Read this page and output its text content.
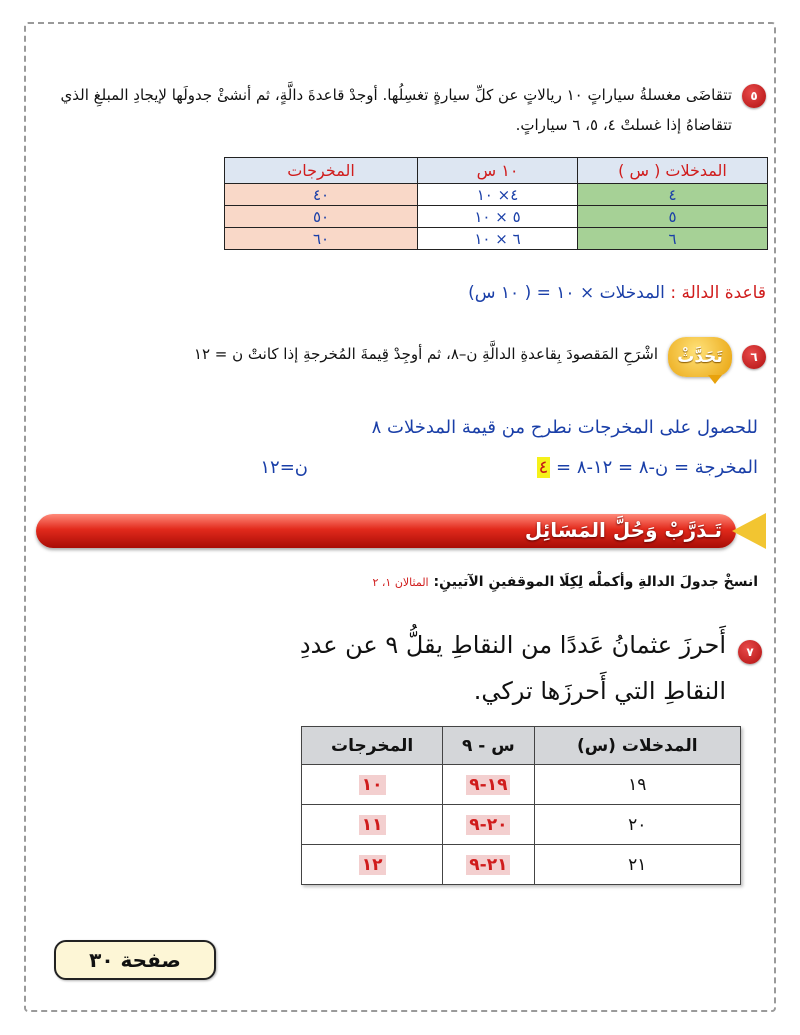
٥
تتقاضَى مغسلةُ سياراتٍ ١٠ ريالاتٍ عن كلِّ سيارةٍ تغسِلُها. أوجدْ قاعدةَ دالَّةٍ، ثم أنشئْ جدولَها لإيجادِ المبلغِ الذي تتقاضاهُ إذا غسلتْ ٤، ٥، ٦ سياراتٍ.
المدخلات ( س )	١٠ س	المخرجات
٤	٤× ١٠	٤٠
٥	٥ × ١٠	٥٠
٦	٦ × ١٠	٦٠
قاعدة الدالة : المدخلات × ١٠ = ( ١٠ س)
٦
تَحَدَّثْ
اشْرَحِ المَقصودَ بِقاعدةِ الدالَّةِ ن–٨، ثم أوجِدْ قِيمةَ المُخرجةِ إذا كانتْ ن = ١٢
للحصول على المخرجات نطرح من قيمة المدخلات ٨
المخرجة = ن-٨ = ١٢-٨ = ٤
ن=١٢
تَـدَرَّبْ وَحُلَّ المَسَائِل
انسخْ جدولَ الدالةِ وأكملْه لِكِلَا الموقفينِ الآتيينِ: المثالان ١، ٢
٧
أَحرزَ عثمانُ عَددًا من النقاطِ يقلُّ ٩ عن عددِ النقاطِ التي أَحرزَها تركي.
المدخلات (س)	س - ٩	المخرجات
١٩	١٩-٩	١٠
٢٠	٢٠-٩	١١
٢١	٢١-٩	١٢
صفحة ٣٠
